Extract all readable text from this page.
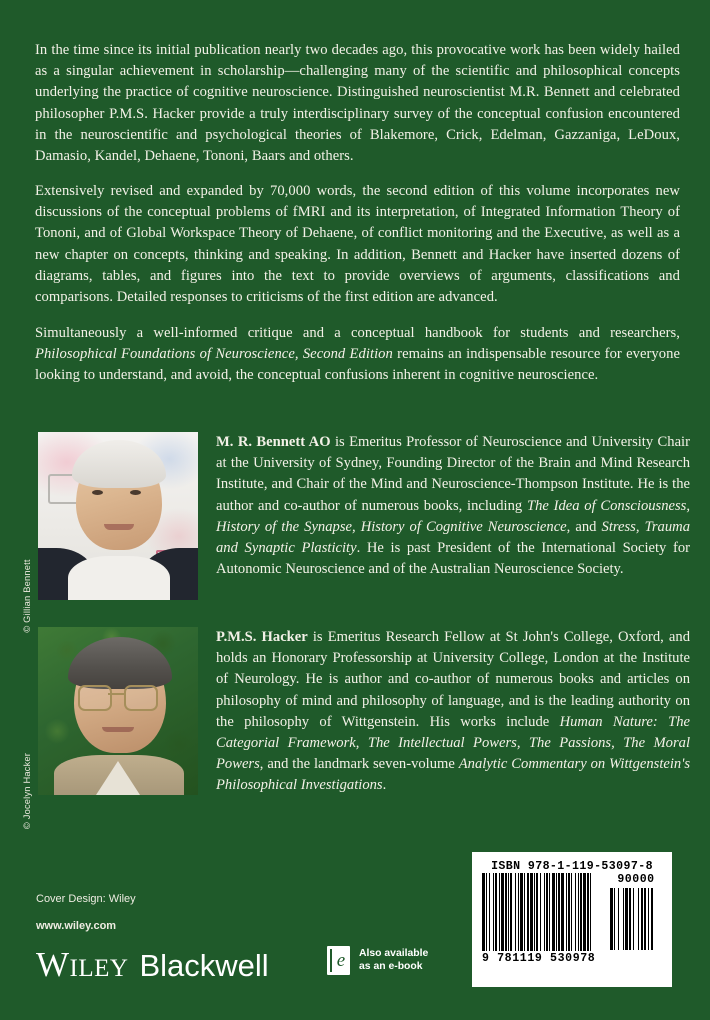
In the time since its initial publication nearly two decades ago, this provocative work has been widely hailed as a singular achievement in scholarship—challenging many of the scientific and philosophical concepts underlying the practice of cognitive neuroscience. Distinguished neuroscientist M.R. Bennett and celebrated philosopher P.M.S. Hacker provide a truly interdisciplinary survey of the conceptual confusion encountered in the neuroscientific and psychological theories of Blakemore, Crick, Edelman, Gazzaniga, LeDoux, Damasio, Kandel, Dehaene, Tononi, Baars and others.
Extensively revised and expanded by 70,000 words, the second edition of this volume incorporates new discussions of the conceptual problems of fMRI and its interpretation, of Integrated Information Theory of Tononi, and of Global Workspace Theory of Dehaene, of conflict monitoring and the Executive, as well as a new chapter on concepts, thinking and speaking. In addition, Bennett and Hacker have inserted dozens of diagrams, tables, and figures into the text to provide overviews of arguments, classifications and comparisons. Detailed responses to criticisms of the first edition are advanced.
Simultaneously a well-informed critique and a conceptual handbook for students and researchers, Philosophical Foundations of Neuroscience, Second Edition remains an indispensable resource for everyone looking to understand, and avoid, the conceptual confusions inherent in cognitive neuroscience.
© Gillian Bennett
M. R. Bennett AO is Emeritus Professor of Neuroscience and University Chair at the University of Sydney, Founding Director of the Brain and Mind Research Institute, and Chair of the Mind and Neuroscience-Thompson Institute. He is the author and co-author of numerous books, including The Idea of Consciousness, History of the Synapse, History of Cognitive Neuroscience, and Stress, Trauma and Synaptic Plasticity. He is past President of the International Society for Autonomic Neuroscience and of the Australian Neuroscience Society.
© Jocelyn Hacker
P.M.S. Hacker is Emeritus Research Fellow at St John's College, Oxford, and holds an Honorary Professorship at University College, London at the Institute of Neurology. He is author and co-author of numerous books and articles on philosophy of mind and philosophy of language, and is the leading authority on the philosophy of Wittgenstein. His works include Human Nature: The Categorial Framework, The Intellectual Powers, The Passions, The Moral Powers, and the landmark seven-volume Analytic Commentary on Wittgenstein's Philosophical Investigations.
Cover Design: Wiley
www.wiley.com
Wiley Blackwell	e Also available
as an e-book
ISBN 978-1-119-53097-8
90000
9 781119 530978
